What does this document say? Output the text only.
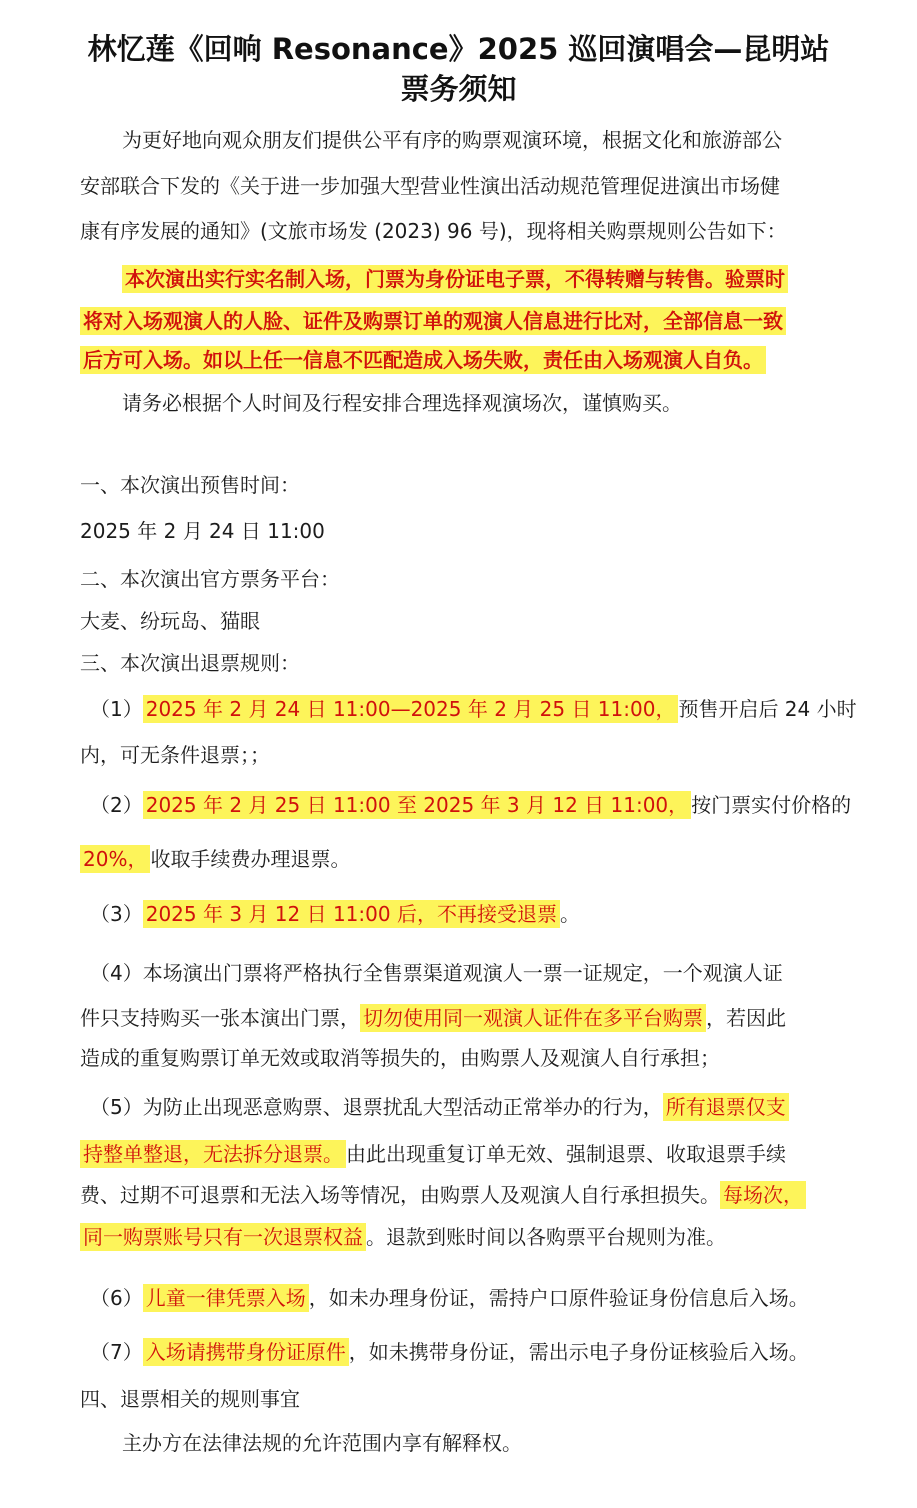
林忆莲《回响 Resonance》2025 巡回演唱会—昆明站
票务须知
为更好地向观众朋友们提供公平有序的购票观演环境，根据文化和旅游部公
安部联合下发的《关于进一步加强大型营业性演出活动规范管理促进演出市场健
康有序发展的通知》(文旅市场发 (2023) 96 号)，现将相关购票规则公告如下：
本次演出实行实名制入场，门票为身份证电子票，不得转赠与转售。验票时
将对入场观演人的人脸、证件及购票订单的观演人信息进行比对，全部信息一致
后方可入场。如以上任一信息不匹配造成入场失败，责任由入场观演人自负。
请务必根据个人时间及行程安排合理选择观演场次，谨慎购买。
一、本次演出预售时间：
2025 年 2 月 24 日 11:00
二、本次演出官方票务平台：
大麦、纷玩岛、猫眼
三、本次演出退票规则：
（1） 2025 年 2 月 24 日 11:00—2025 年 2 月 25 日 11:00， 预售开启后 24 小时
内，可无条件退票；；
（2） 2025 年 2 月 25 日 11:00 至 2025 年 3 月 12 日 11:00， 按门票实付价格的
20%， 收取手续费办理退票。
（3） 2025 年 3 月 12 日 11:00 后，不再接受退票 。
（4）本场演出门票将严格执行全售票渠道观演人一票一证规定，一个观演人证
件只支持购买一张本演出门票， 切勿使用同一观演人证件在多平台购票 ，若因此
造成的重复购票订单无效或取消等损失的，由购票人及观演人自行承担；
（5）为防止出现恶意购票、退票扰乱大型活动正常举办的行为， 所有退票仅支
持整单整退，无法拆分退票。 由此出现重复订单无效、强制退票、收取退票手续
费、过期不可退票和无法入场等情况，由购票人及观演人自行承担损失。 每场次，
同一购票账号只有一次退票权益 。退款到账时间以各购票平台规则为准。
（6） 儿童一律凭票入场 ，如未办理身份证，需持户口原件验证身份信息后入场。
（7） 入场请携带身份证原件 ，如未携带身份证，需出示电子身份证核验后入场。
四、退票相关的规则事宜
主办方在法律法规的允许范围内享有解释权。
